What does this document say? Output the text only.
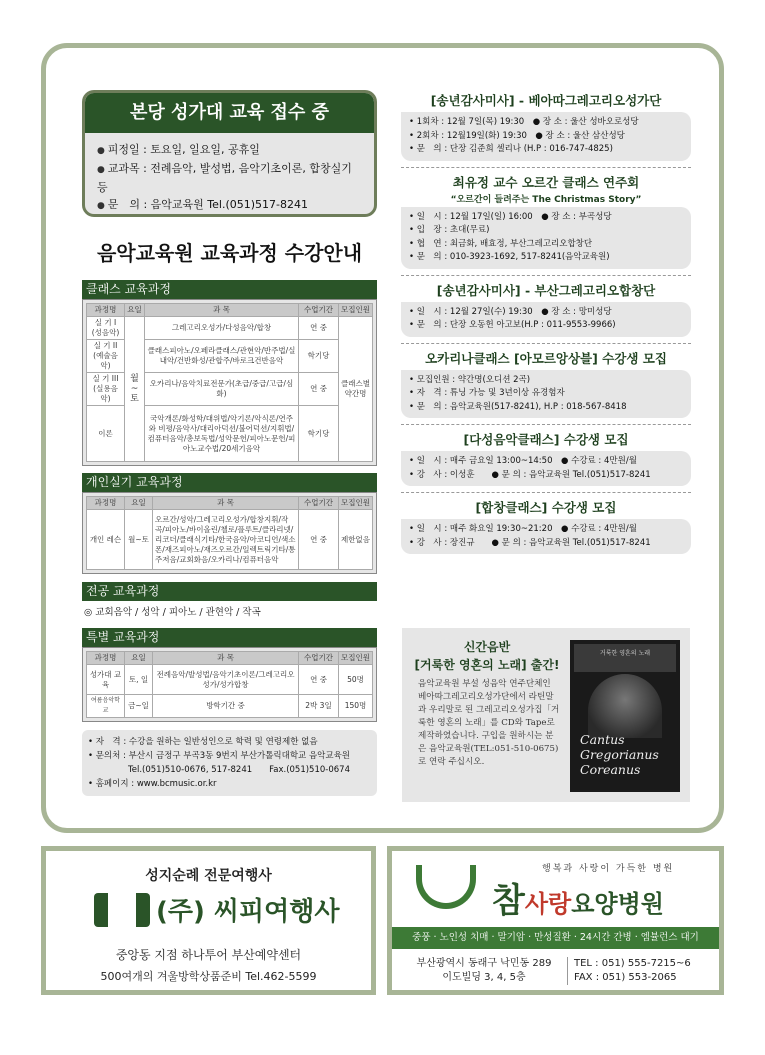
본당 성가대 교육 접수 중
● 피정일 : 토요일, 일요일, 공휴일
● 교과목 : 전례음악, 발성법, 음악기초이론, 합창실기 등
● 문　의 : 음악교육원 Tel.(051)517-8241
음악교육원 교육과정 수강안내
클래스 교육과정
과정명	요일	과 목	수업기간	모집인원
실 기 I (성음악)	월 ~ 토	그레고리오성가/다성음악/합창	연 중	클래스별 약간명
실 기 II (예술음악)		클래스피아노/오페라클래스/관현악/반주법/실내악/건반화성/관합주/바로크건반음악	학기당	
실 기 III (실용음악)		오카리나/음악치료전문가(초급/중급/고급/심화)	연 중	
이론		국악개론/화성학/대위법/악기론/악식론/연주와 비평/음악사/대리아덕션/불어덕션/지휘법/컴퓨터음악/총보독법/성악문헌/피아노문헌/피아노교수법/20세기음악	학기당	
개인실기 교육과정
과정명	요일	과 목	수업기간	모집인원
개인 레슨	월~토	오르간/성악/그레고리오성가/합창지휘/작곡/피아노/바이올린/첼로/플루트/클라리넷/리코더/클래식기타/한국음악/아코디언/색소폰/재즈피아노/재즈오르간/일렉트릭기타/통주저음/교회화음/오카리나/컴퓨터음악	연 중	제한없음
전공 교육과정
◎ 교회음악 / 성악 / 피아노 / 관현악 / 작곡
특별 교육과정
과정명	요일	과 목	수업기간	모집인원
성가대 교육	토, 일	전례음악/발성법/음악기초이론/그레고리오성가/성가합창	연 중	50명
여름음악학교	금~일	방학기간 중	2박 3일	150명
• 자　격 : 수강을 원하는 일반성인으로 학력 및 연령제한 없음
• 문의처 : 부산시 금정구 부곡3동 9번지 부산가톨릭대학교 음악교육원
Tel.(051)510-0676, 517-8241　　Fax.(051)510-0674
• 홈페이지 : www.bcmusic.or.kr
[송년감사미사] - 베아따그레고리오성가단
• 1회차 : 12월 7일(목) 19:30　● 장 소 : 울산 성바오로성당
• 2회차 : 12월19일(화) 19:30　● 장 소 : 울산 삼산성당
• 문　의 : 단장 김준희 셀리나 (H.P : 016-747-4825)
최유정 교수 오르간 클래스 연주회
“오르간이 들려주는 The Christmas Story”
• 일　시 : 12월 17일(일) 16:00　● 장 소 : 부곡성당
• 입　장 : 초대(무료)
• 협　연 : 최금화, 배효정, 부산그레고리오합창단
• 문　의 : 010-3923-1692, 517-8241(음악교육원)
[송년감사미사] - 부산그레고리오합창단
• 일　시 : 12월 27일(수) 19:30　● 장 소 : 망미성당
• 문　의 : 단장 오동헌 아고보(H.P : 011-9553-9966)
오카리나클래스 [아모르앙상블] 수강생 모집
• 모집인원 : 약간명(오디션 2곡)
• 자　격 : 튜닝 가능 및 3년이상 유경험자
• 문　의 : 음악교육원(517-8241), H.P : 018-567-8418
[다성음악클래스] 수강생 모집
• 일　시 : 매주 금요일 13:00~14:50　● 수강료 : 4만원/월
• 강　사 : 이성훈　　● 문 의 : 음악교육원 Tel.(051)517-8241
[합창클래스] 수강생 모집
• 일　시 : 매주 화요일 19:30~21:20　● 수강료 : 4만원/월
• 강　사 : 장진규　　● 문 의 : 음악교육원 Tel.(051)517-8241
신간음반
[거룩한 영혼의 노래] 출간!
음악교육원 부설 성음악 연주단체인 베아따그레고리오성가단에서 라틴말과 우리말로 된 그레고리오성가집「거룩한 영혼의 노래」를 CD와 Tape로 제작하였습니다. 구입을 원하시는 분은 음악교육원(TEL:051-510-0675)로 연락 주십시오.
거룩한 영혼의 노래
Cantus
Gregorianus
Coreanus
성지순례 전문여행사
(주) 씨피여행사
중앙동 지점 하나투어 부산예약센터
500여개의 겨울방학상품준비 Tel.462-5599
행복과 사랑이 가득한 병원
참사랑요양병원
중풍 · 노인성 치매 · 말기암 · 만성질환 · 24시간 간병 · 엠뷸런스 대기
부산광역시 동래구 낙민동 289
이도빌딩 3, 4, 5층
TEL : 051) 555-7215~6
FAX : 051) 553-2065
